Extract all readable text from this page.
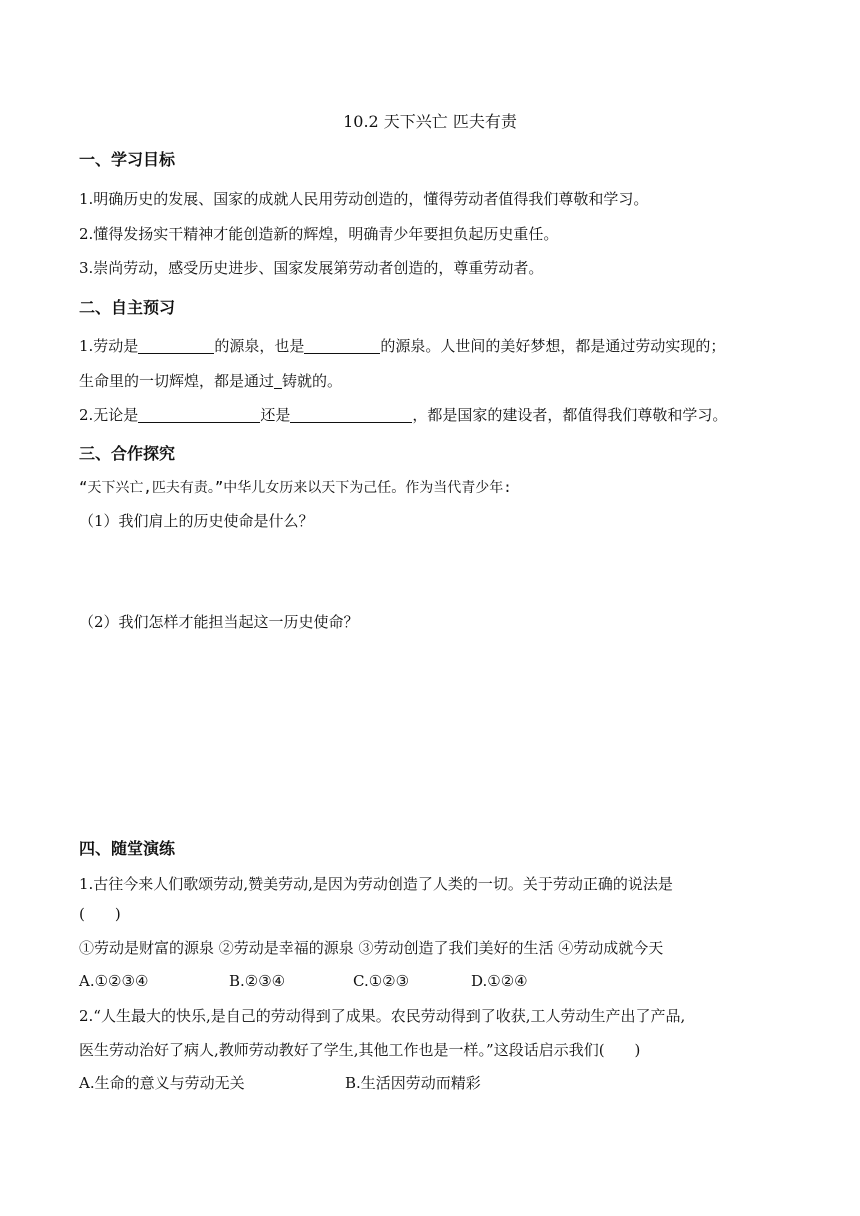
10.2 天下兴亡 匹夫有责
一、学习目标
1.明确历史的发展、国家的成就人民用劳动创造的，懂得劳动者值得我们尊敬和学习。
2.懂得发扬实干精神才能创造新的辉煌，明确青少年要担负起历史重任。
3.崇尚劳动，感受历史进步、国家发展第劳动者创造的，尊重劳动者。
二、自主预习
1.劳动是	的源泉，也是	的源泉。人世间的美好梦想，都是通过劳动实现的；
生命里的一切辉煌，都是通过 铸就的。
2.无论是	还是	，都是国家的建设者，都值得我们尊敬和学习。
三、合作探究
“天下兴亡,匹夫有责。”中华儿女历来以天下为己任。作为当代青少年:
（1）我们肩上的历史使命是什么？
（2）我们怎样才能担当起这一历史使命？
四、随堂演练
1.古往今来人们歌颂劳动,赞美劳动,是因为劳动创造了人类的一切。关于劳动正确的说法是
(　　)
①劳动是财富的源泉 ②劳动是幸福的源泉 ③劳动创造了我们美好的生活 ④劳动成就今天
A.①②③④	B.②③④	C.①②③	D.①②④
2.“人生最大的快乐,是自己的劳动得到了成果。农民劳动得到了收获,工人劳动生产出了产品,
医生劳动治好了病人,教师劳动教好了学生,其他工作也是一样。”这段话启示我们(　　)
A.生命的意义与劳动无关	B.生活因劳动而精彩
